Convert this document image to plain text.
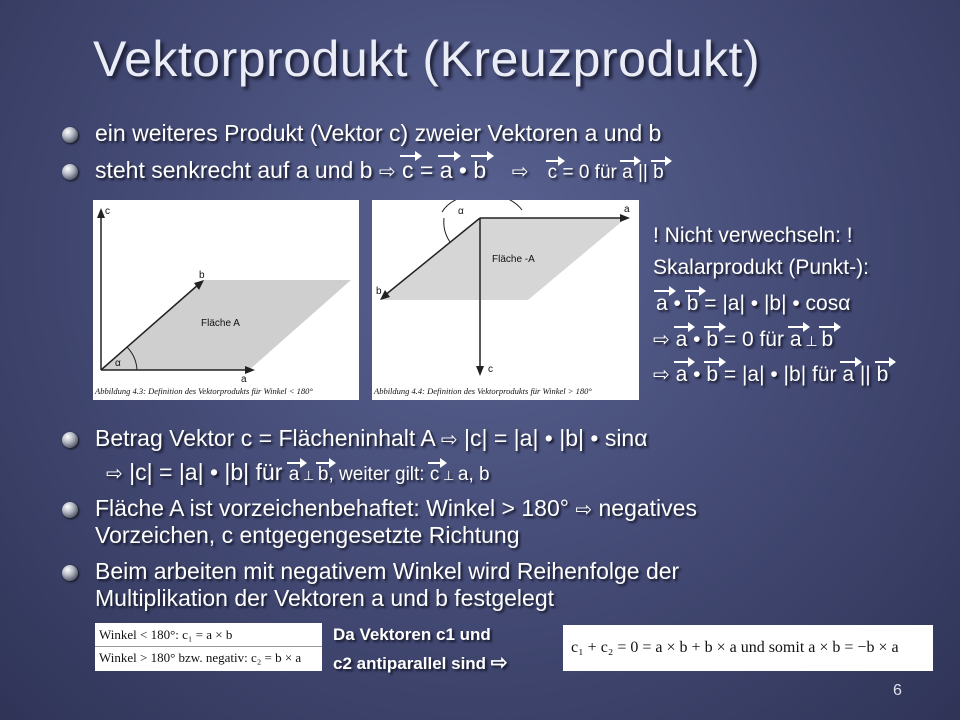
Vektorprodukt (Kreuzprodukt)
ein weiteres Produkt (Vektor c) zweier Vektoren a und b
steht senkrecht auf a und b ⇨ c = a • b ⇨ c = 0 für a || b
c
b
a
α
Fläche A
Abbildung 4.3: Definition des Vektorprodukts für Winkel < 180°
α	a
b
c
Fläche -A
Abbildung 4.4: Definition des Vektorprodukts für Winkel > 180°
! Nicht verwechseln: !
Skalarprodukt (Punkt-):
a • b = |a| • |b| • cosα
⇨ a • b = 0 für a ⊥ b
⇨ a • b = |a| • |b| für a || b
Betrag Vektor c = Flächeninhalt A ⇨ |c| = |a| • |b| • sinα
⇨ |c| = |a| • |b| für a ⊥ b, weiter gilt: c ⊥ a, b
Fläche A ist vorzeichenbehaftet: Winkel > 180° ⇨ negatives
Vorzeichen, c entgegengesetzte Richtung
Beim arbeiten mit negativem Winkel wird Reihenfolge der
Multiplikation der Vektoren a und b festgelegt
Winkel < 180°: c₁ = a × b
Winkel > 180° bzw. negativ: c₂ = b × a
Da Vektoren c1 und
c2 antiparallel sind ⇨
c₁ + c₂ = 0 = a × b + b × a und somit a × b = −b × a
6
